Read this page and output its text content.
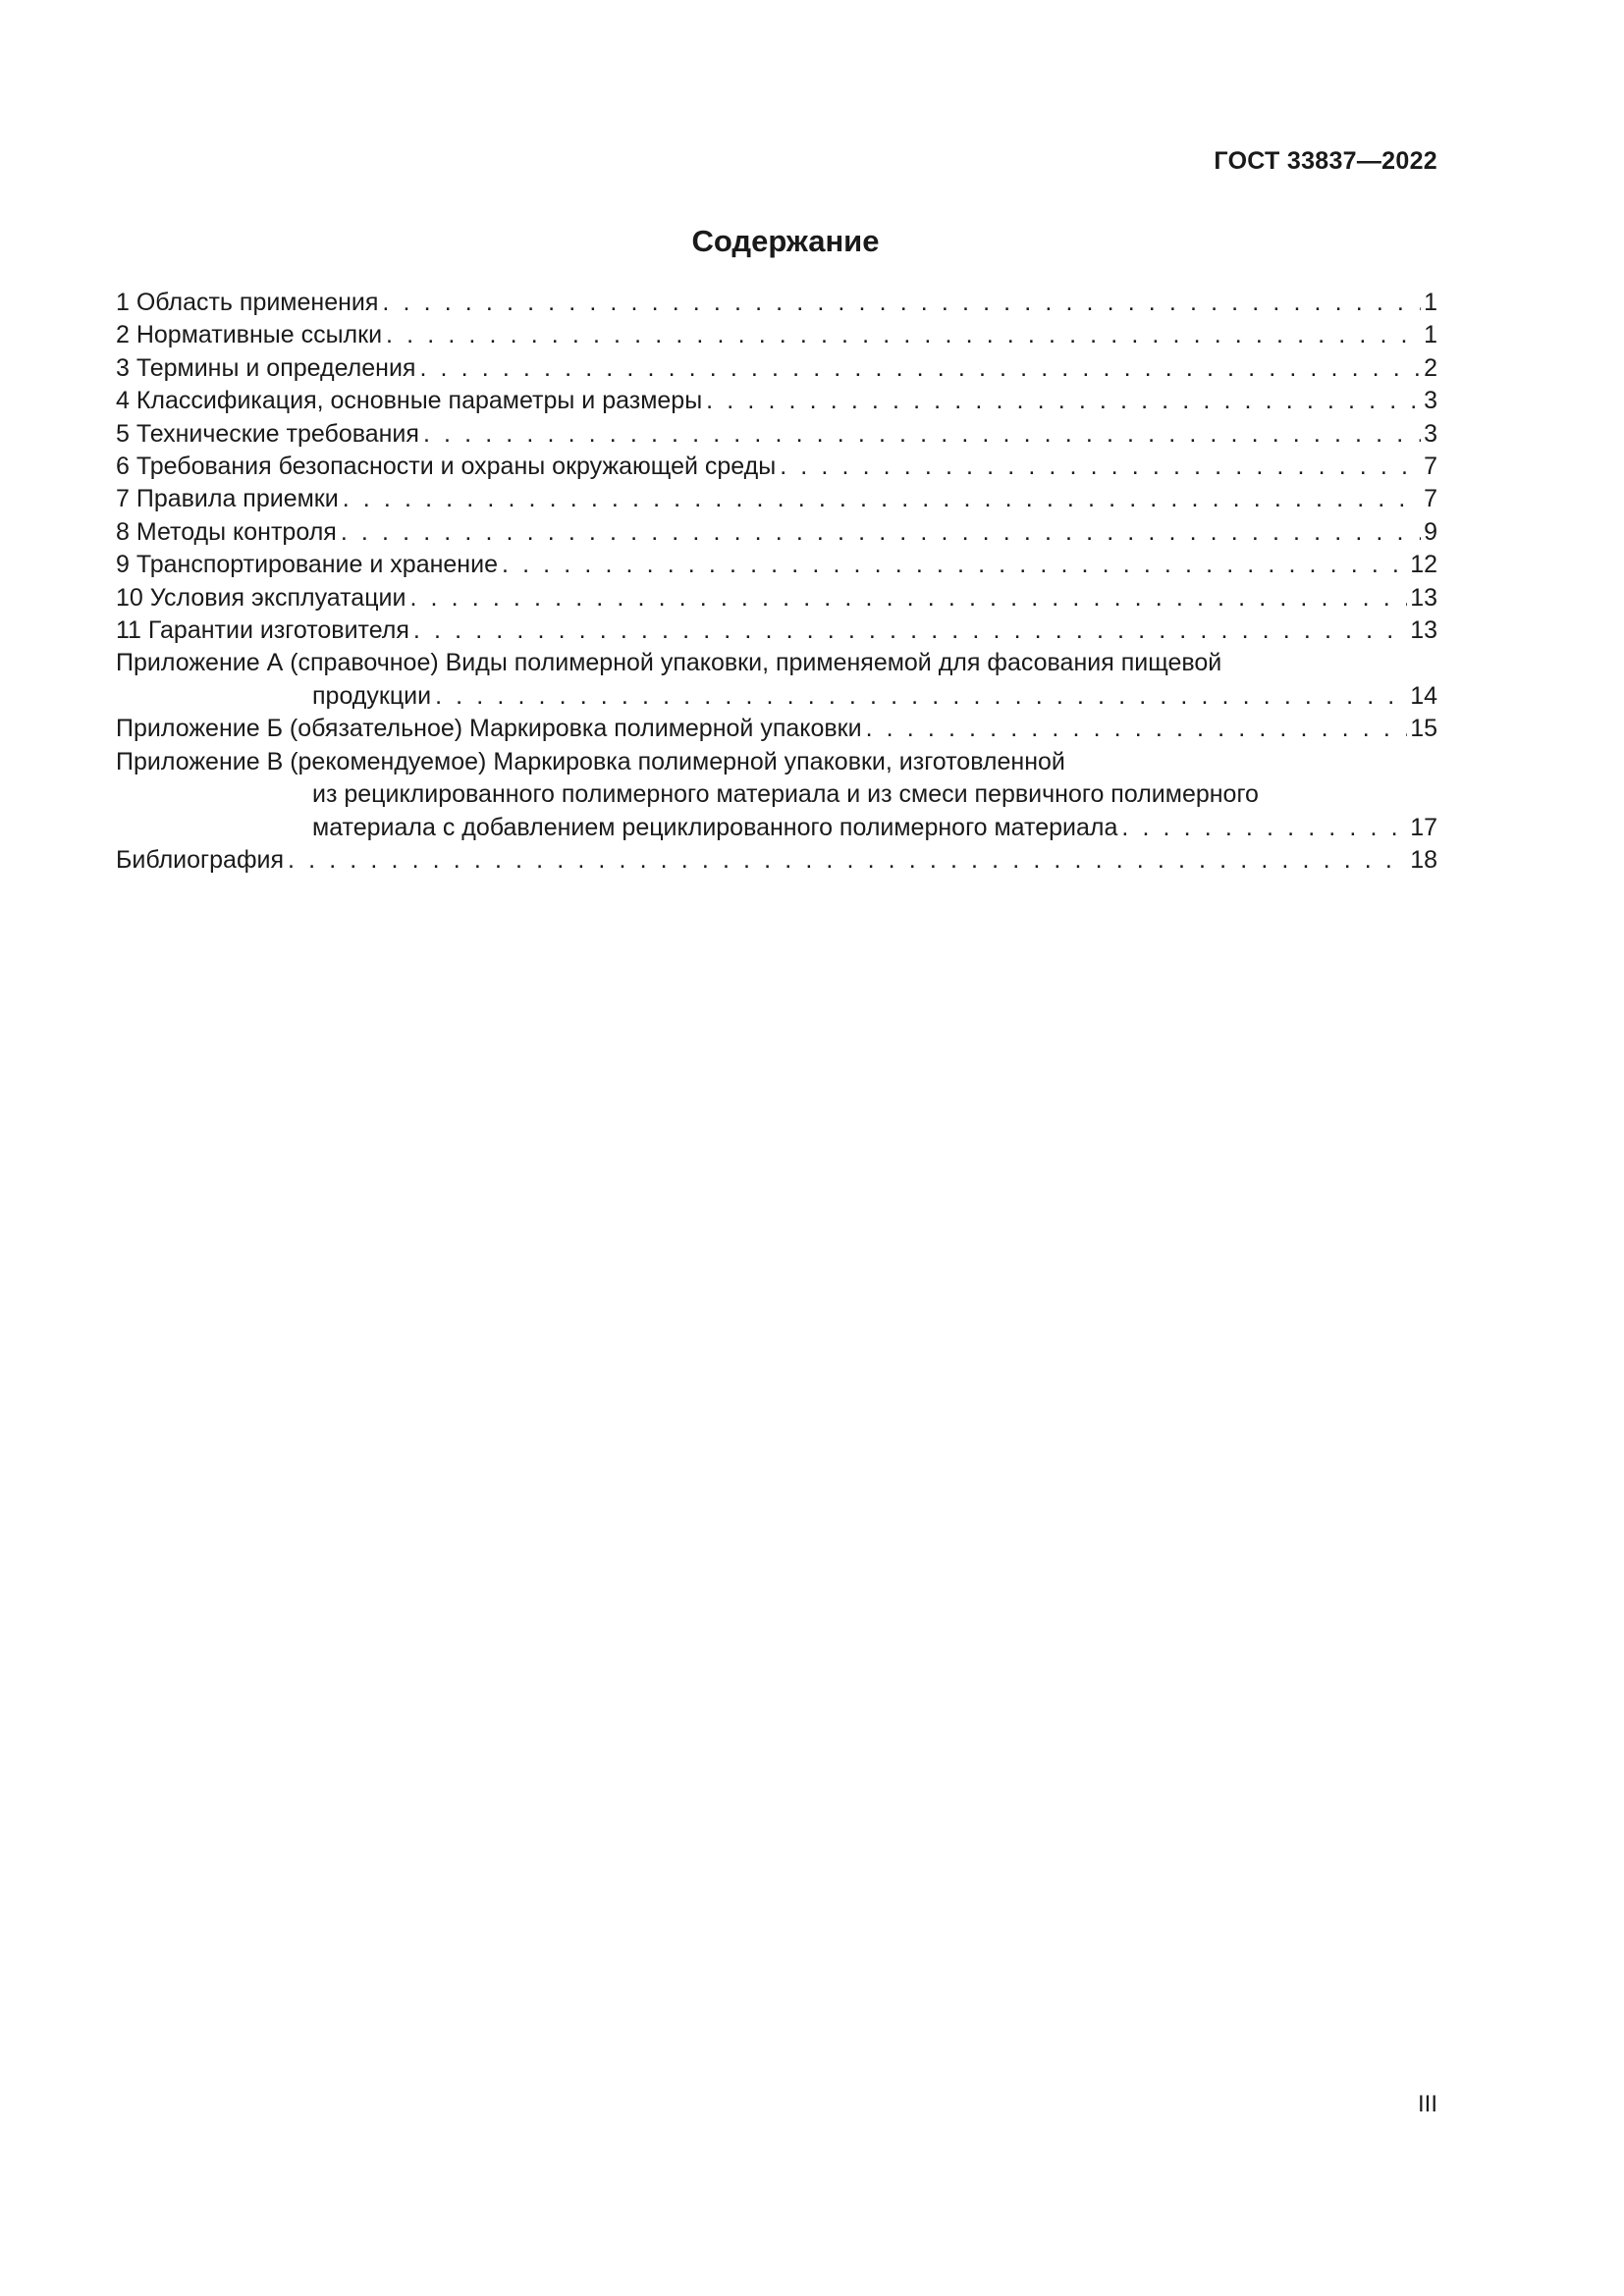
ГОСТ 33837—2022
Содержание
1 Область применения . . .	1
2 Нормативные ссылки . . .	1
3 Термины и определения . . .	2
4 Классификация, основные параметры и размеры . . .	3
5 Технические требования . . .	3
6 Требования безопасности и охраны окружающей среды . . .	7
7 Правила приемки . . .	7
8 Методы контроля . . .	9
9 Транспортирование и хранение . . .	12
10 Условия эксплуатации . . .	13
11 Гарантии изготовителя . . .	13
Приложение А (справочное) Виды полимерной упаковки, применяемой для фасования пищевой
продукции . . .	14
Приложение Б (обязательное) Маркировка полимерной упаковки . . .	15
Приложение В (рекомендуемое) Маркировка полимерной упаковки, изготовленной
из рециклированного полимерного материала и из смеси первичного полимерного
материала с добавлением рециклированного полимерного материала . . .	17
Библиография . . .	18
III
